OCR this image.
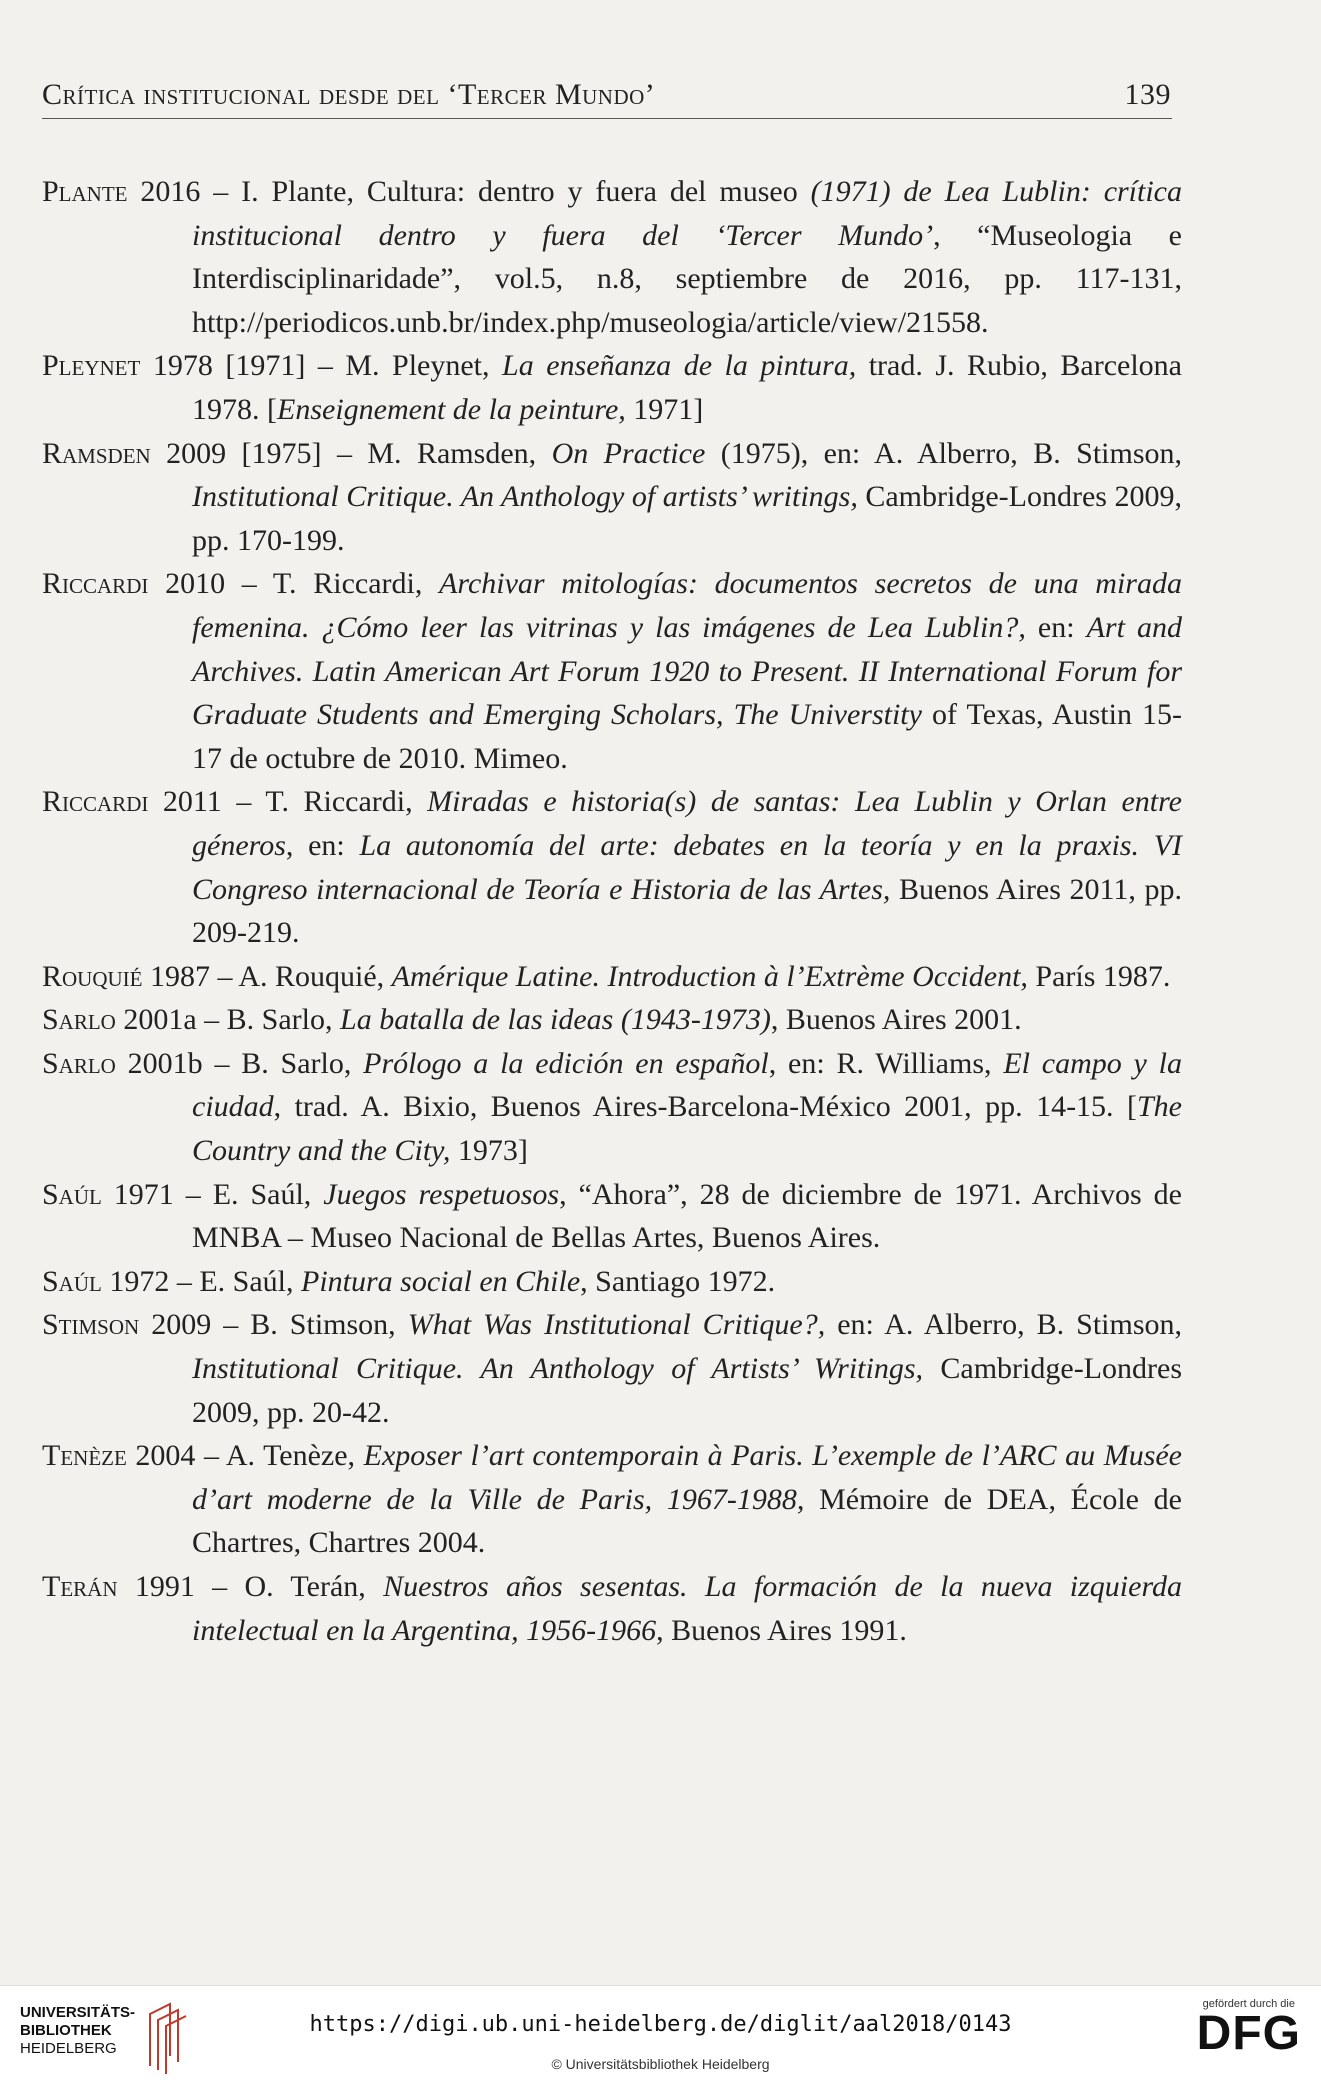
Crítica institucional desde del ‘Tercer Mundo’	139

Plante 2016 – I. Plante, Cultura: dentro y fuera del museo (1971) de Lea Lublin: crítica institucional dentro y fuera del ‘Tercer Mundo’, “Museologia e Interdisciplinaridade”, vol.5, n.8, septiembre de 2016, pp. 117-131, http://periodicos.unb.br/index.php/museologia/article/view/21558.

Pleynet 1978 [1971] – M. Pleynet, La enseñanza de la pintura, trad. J. Rubio, Barcelona 1978. [Enseignement de la peinture, 1971]

Ramsden 2009 [1975] – M. Ramsden, On Practice (1975), en: A. Alberro, B. Stimson, Institutional Critique. An Anthology of artists’ writings, Cambridge-Londres 2009, pp. 170-199.

Riccardi 2010 – T. Riccardi, Archivar mitologías: documentos secretos de una mirada femenina. ¿Cómo leer las vitrinas y las imágenes de Lea Lublin?, en: Art and Archives. Latin American Art Forum 1920 to Present. II International Forum for Graduate Students and Emerging Scholars, The Universtity of Texas, Austin 15-17 de octubre de 2010. Mimeo.

Riccardi 2011 – T. Riccardi, Miradas e historia(s) de santas: Lea Lublin y Orlan entre géneros, en: La autonomía del arte: debates en la teoría y en la praxis. VI Congreso internacional de Teoría e Historia de las Artes, Buenos Aires 2011, pp. 209-219.

Rouquié 1987 – A. Rouquié, Amérique Latine. Introduction à l’Extrème Occident, París 1987.

Sarlo 2001a – B. Sarlo, La batalla de las ideas (1943-1973), Buenos Aires 2001.

Sarlo 2001b – B. Sarlo, Prólogo a la edición en español, en: R. Williams, El campo y la ciudad, trad. A. Bixio, Buenos Aires-Barcelona-México 2001, pp. 14-15. [The Country and the City, 1973]

Saúl 1971 – E. Saúl, Juegos respetuosos, “Ahora”, 28 de diciembre de 1971. Archivos de MNBA – Museo Nacional de Bellas Artes, Buenos Aires.

Saúl 1972 – E. Saúl, Pintura social en Chile, Santiago 1972.

Stimson 2009 – B. Stimson, What Was Institutional Critique?, en: A. Alberro, B. Stimson, Institutional Critique. An Anthology of Artists’ Writings, Cambridge-Londres 2009, pp. 20-42.

Tenèze 2004 – A. Tenèze, Exposer l’art contemporain à Paris. L’exemple de l’ARC au Musée d’art moderne de la Ville de Paris, 1967-1988, Mémoire de DEA, École de Chartres, Chartres 2004.

Terán 1991 – O. Terán, Nuestros años sesentas. La formación de la nueva izquierda intelectual en la Argentina, 1956-1966, Buenos Aires 1991.

UNIVERSITÄTS-
BIBLIOTHEK
HEIDELBERG
https://digi.ub.uni-heidelberg.de/diglit/aal2018/0143
© Universitätsbibliothek Heidelberg
gefördert durch die
DFG
